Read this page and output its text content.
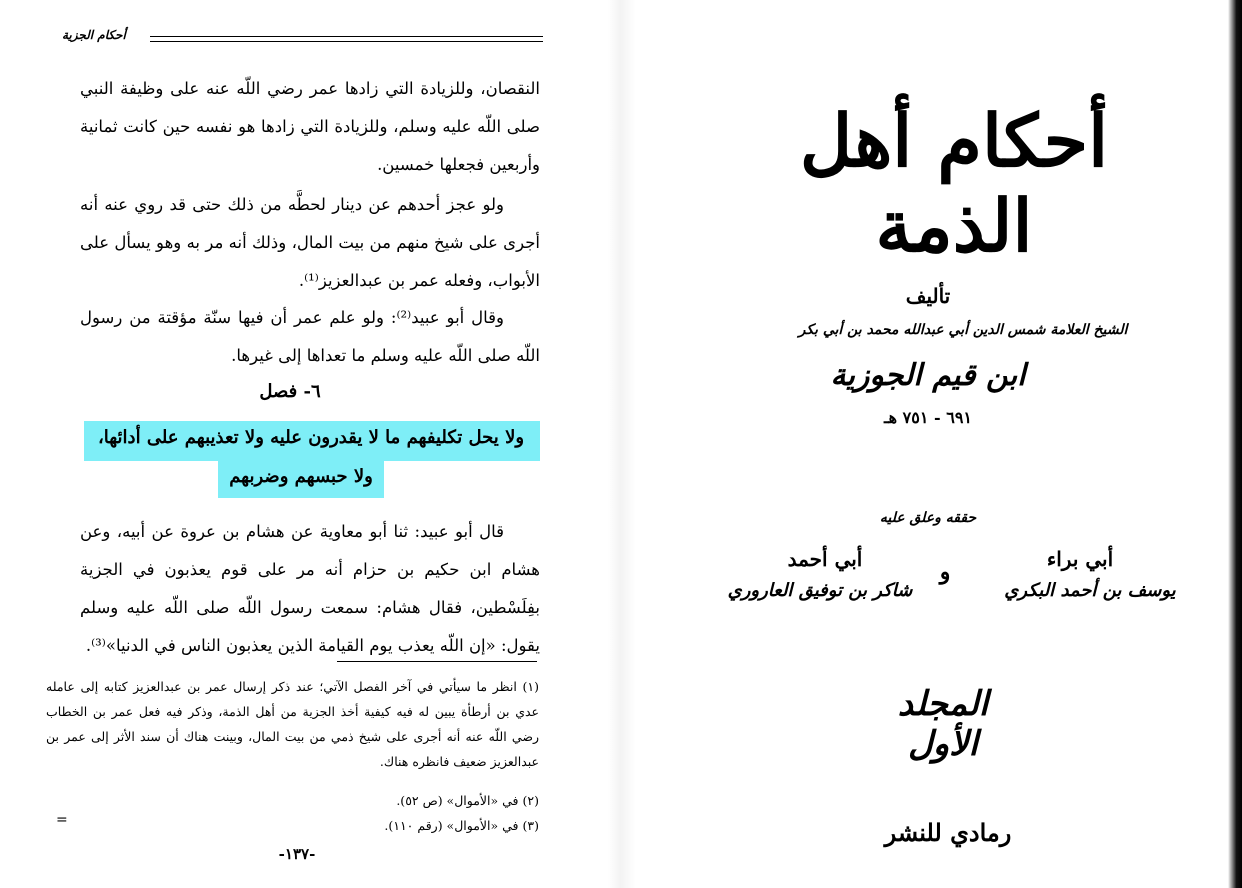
أحكام الجزية
النقصان، وللزيادة التي زادها عمر رضي اللّه عنه على وظيفة النبي صلى اللّه عليه وسلم، وللزيادة التي زادها هو نفسه حين كانت ثمانية وأربعين فجعلها خمسين.
ولو عجز أحدهم عن دينار لحطَّه من ذلك حتى قد روي عنه أنه أجرى على شيخ منهم من بيت المال، وذلك أنه مر به وهو يسأل على الأبواب، وفعله عمر بن عبدالعزيز⁽¹⁾.
وقال أبو عبيد⁽²⁾: ولو علم عمر أن فيها سنّة مؤقتة من رسول اللّه صلى اللّه عليه وسلم ما تعداها إلى غيرها.
٦- فصل
ولا يحل تكليفهم ما لا يقدرون عليه ولا تعذيبهم على أدائها،
ولا حبسهم وضربهم
قال أبو عبيد: ثنا أبو معاوية عن هشام بن عروة عن أبيه، وعن هشام ابن حكيم بن حزام أنه مر على قوم يعذبون في الجزية بفِلَسْطين، فقال هشام: سمعت رسول اللّه صلى اللّه عليه وسلم يقول: «إن اللّه يعذب يوم القيامة الذين يعذبون الناس في الدنيا»⁽³⁾.
(١) انظر ما سيأتي في آخر الفصل الآتي؛ عند ذكر إرسال عمر بن عبدالعزيز كتابه إلى عامله عدي بن أرطأة يبين له فيه كيفية أخذ الجزية من أهل الذمة، وذكر فيه فعل عمر بن الخطاب رضي اللّه عنه أنه أجرى على شيخ ذمي من بيت المال، وبينت هناك أن سند الأثر إلى عمر بن عبدالعزيز ضعيف فانظره هناك.
(٢) في «الأموال» (ص ٥٢).
(٣) في «الأموال» (رقم ١١٠).
=
-١٣٧-
أحكام أهل الذمة
تأليف
الشيخ العلامة شمس الدين أبي عبدالله محمد بن أبي بكر
ابن قيم الجوزية
٦٩١ - ٧٥١ هـ
حققه وعلق عليه
أبي براء
يوسف بن أحمد البكري
و
أبي أحمد
شاكر بن توفيق العاروري
المجلد الأول
رمادي للنشر
